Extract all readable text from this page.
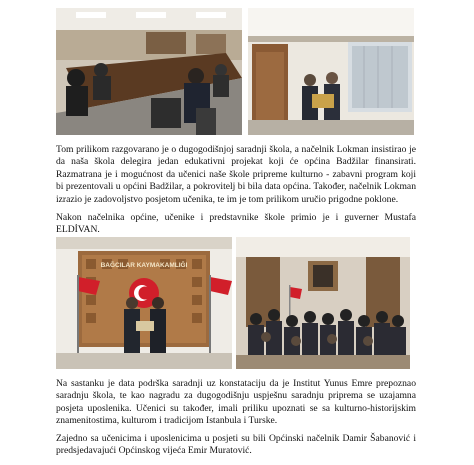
Tom prilikom razgovarano je o dugogodišnjoj saradnji škola, a načelnik Lokman insistirao je da naša škola delegira jedan edukativni projekat koji će općina Badžilar finansirati. Razmatrana je i mogućnost da učenici naše škole pripreme kulturno - zabavni program koji bi prezentovali u općini Badžilar, a pokrovitelj bi bila data općina. Također, načelnik Lokman izrazio je zadovoljstvo posjetom učenika, te im je tom prilikom uručio prigodne poklone.

Nakon načelnika općine, učenike i predstavnike škole primio je i guverner Mustafa ELDİVAN.

BAĞCILAR KAYMAKAMLIĞI

Na sastanku je data podrška saradnji uz konstataciju da je Institut Yunus Emre prepoznao saradnju škola, te kao nagradu za dugogodišnju uspješnu saradnju priprema se uzajamna posjeta uposlenika. Učenici su također, imali priliku upoznati se sa kulturno-historijskim znamenitostima, kulturom i tradicijom Istanbula i Turske.

Zajedno sa učenicima i uposlenicima u posjeti su bili Općinski načelnik Damir Šabanović i predsjedavajući Općinskog vijeća Emir Muratović.
